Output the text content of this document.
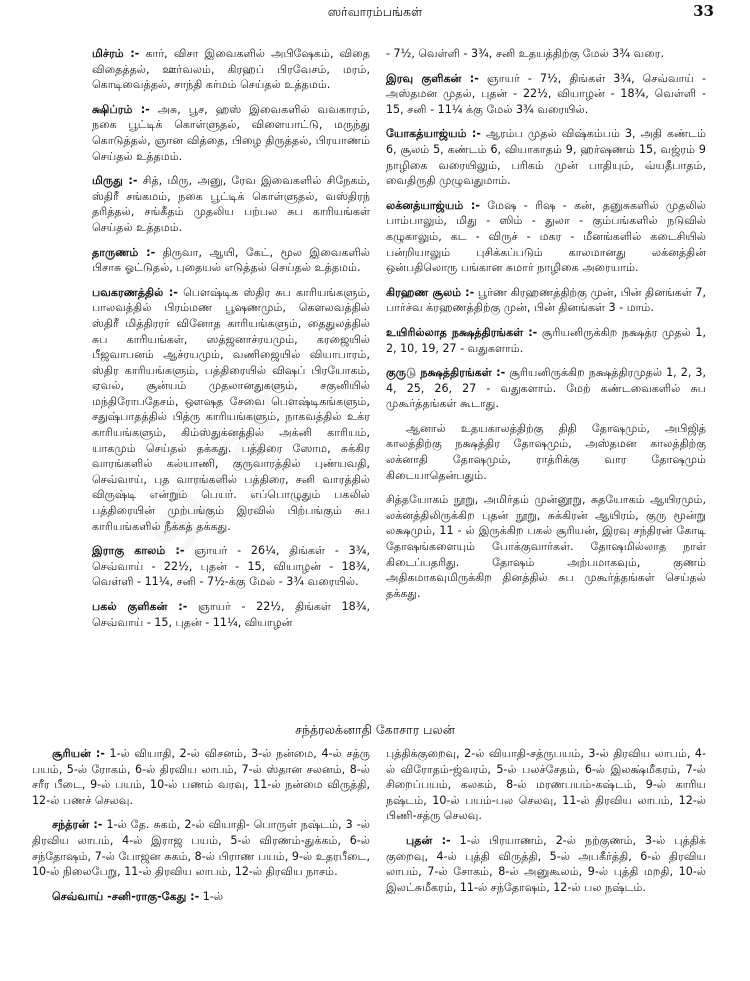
ஸர்வாரம்பங்கள்	33

மிச்ரம் :- கார், விசா இவைகளில் அபிஷேகம், விதை விதைத்தல், ஊர்வலம், கிரஹப் பிரவேசம், மரம், கொடிவைத்தல், சாந்தி கர்மம் செய்தல் உத்தமம்.

க்ஷிப்ரம் :- அசு, பூச, ஹஸ் இவைகளில் வவகாரம், நகை பூட்டிக் கொள்ளுதல், விளையாட்டு, மருந்து கொடுத்தல், ஞான வித்தை, பிழை திருத்தல், பிரயாணம் செய்தல் உத்தமம்.

மிருது :- சித், மிரு, அனு, ரேவ இவைகளில் சிநேகம், ஸ்திரீ சங்கமம், நகை பூட்டிக் கொள்ளுதல், வஸ்திரந் தரித்தல், சங்கீதம் முதலிய பற்பல சுப காரியங்கள் செய்தல் உத்தமம்.

தாருணம் :- திருவா, ஆயி, கேட், மூல இவைகளில் பிசாசு ஓட்டுதல், புதையல் எடுத்தல் செய்தல் உத்தமம்.

பவகரணத்தில் :- பௌஷ்டிக ஸ்திர சுப காரியங்களும், பாலவத்தில் பிரம்மண பூஷணமும், கௌலவத்தில் ஸ்திரீ மித்திரரர் வினோத காரியங்களும், தைதுலத்தில் சுப காரியங்கள், ஸத்ஜனாச்ரயமும், கரஜையில் பீஜவாபனம் ஆச்ரயமும், வணிஜையில் வியாபாரம், ஸ்திர காரியங்களும், பத்திரையில் விஷப் பிரயோகம், ஏவல், சூன்யம் முதலானதுகளும், சகுனியில் மந்திரோபதேசம், ஔஷத சேவை பௌஷ்டிகங்களும், சதுஷ்பாதத்தில் பித்ரு காரியங்களும், நாகவத்தில் உக்ர காரியங்களும், கிம்ஸ்துக்னத்தில் அக்னி காரியம், யாகமும் செய்தல் தக்கது. பத்திரை ஸோம, சுக்கிர வாரங்களில் கல்யாணி, குருவாரத்தில் புண்யவதி, செவ்வாய், புத வாரங்களில் பத்திரை, சனி வாரத்தில் விருஷ்டி என்றும் பெயர். எப்பொழுதும் பகலில் பத்திரையின் முற்பங்கும் இரவில் பிற்பங்கும் சுப காரியங்களில் நீக்கத் தக்கது.

இராகு காலம் :- ஞாயர் - 26¼, திங்கள் - 3¾, செவ்வாய் - 22½, புதன் - 15, வியாழன் - 18¾, வெள்ளி - 11¼, சனி - 7½-க்கு மேல் - 3¾ வரையில்.

பகல் குளிகன் :- ஞாயர் - 22½, திங்கள் 18¾, செவ்வாய் - 15, புதன் - 11¼, வியாழன்

- 7½, வெள்ளி - 3¾, சனி உதயத்திற்கு மேல் 3¾ வரை.

இரவு குளிகன் :- ஞாயர் - 7½, திங்கள் 3¾, செவ்வாய் - அஸ்தமன முதல், புதன் - 22½, வியாழன் - 18¾, வெள்ளி - 15, சனி - 11¼ க்கு மேல் 3¾ வரையில்.

யோகத்யாஜ்யம் :- ஆரம்ப முதல் விஷ்கம்பம் 3, அதி கண்டம் 6, சூலம் 5, கண்டம் 6, வியாகாதம் 9, ஹர்ஷணம் 15, வஜ்ரம் 9 நாழிகை வரையிலும், பரிகம் முன் பாதியும், வ்யதீபாதம், வைதிருதி முழுவதுமாம்.

லக்னத்யாஜ்யம் :- மேஷ - ரிஷ - கன், தனுசுகளில் முதலில் பாம்பாலும், மிது - ஸிம் - துலா - கும்பங்களில் நடுவில் கழுகாலும், கட - விருச் - மகர - மீனங்களில் கடைசியில் பன்றியாலும் புசிக்கப்படும் காலமானது லக்னத்தின் ஒன்பதிலொரு பங்கான சுமார் நாழிகை அரையாம்.

கிரஹண சூலம் :- பூர்ண கிரஹணத்திற்கு முன், பின் தினங்கள் 7, பார்ச்வ க்ரஹணத்திற்கு முன், பின் தினங்கள் 3 - மாம்.

உயிரில்லாத நக்ஷத்திரங்கள் :- சூரியனிருக்கிற நக்ஷத்ர முதல் 1, 2, 10, 19, 27 - வதுகளாம்.

குருடு நக்ஷத்திரங்கள் :- சூரியனிருக்கிற நக்ஷத்திரமுதல் 1, 2, 3, 4, 25, 26, 27 - வதுகளாம். மேற் கண்டவைகளில் சுப முகூர்த்தங்கள் கூடாது.

ஆனால் உதயகாலத்திற்கு திதி தோஷமும், அபிஜித் காலத்திற்கு நக்ஷத்திர தோஷமும், அஸ்தமன காலத்திற்கு லக்னாதி தோஷமும், ராத்ரிக்கு வார தோஷமும் கிடையாதென்பதும்.

சித்தயோகம் நூறு, அமிர்தம் முன்னூறு, சுதயோகம் ஆயிரமும், லக்னத்திலிருக்கிற புதன் நூறு, சுக்கிரன் ஆயிரம், குரு மூன்று லக்ஷமும், 11 - ல் இருக்கிற பகல் சூரியன், இரவு சந்திரன் கோடி தோஷங்களையும் போக்குவார்கள். தோஷமில்லாத நாள் கிடைப்பதரிது. தோஷம் அற்பமாகவும், குணம் அதிகமாகவுமிருக்கிற தினத்தில் சுப முகூர்த்தங்கள் செய்தல் தக்கது.

சந்த்ரலக்னாதி கோசார பலன்

சூரியன் :- 1-ல் வியாதி, 2-ல் விசனம், 3-ல் நன்மை, 4-ல் சத்ரு பயம், 5-ல் ரோகம், 6-ல் திரவிய லாபம், 7-ல் ஸ்தான சலனம், 8-ல் சரீர பீடை, 9-ல் பயம், 10-ல் பணம் வரவு, 11-ல் நன்மை விருத்தி, 12-ல் பணச் செலவு.

சந்த்ரன் :- 1-ல் தே. சுகம், 2-ல் வியாதி- பொருள் நஷ்டம், 3 -ல் திரவிய லாபம், 4-ல் இராஜ பயம், 5-ல் விரணம்-துக்கம், 6-ல் சந்தோஷம், 7-ல் போஜன சுகம், 8-ல் பிராண பயம், 9-ல் உதரபீடை, 10-ல் நிலைபேறு, 11-ல் திரவிய லாபம், 12-ல் திரவிய நாசம்.

செவ்வாய் -சனி-ராகு-கேது :- 1-ல்

புத்திக்குறைவு, 2-ல் வியாதி-சத்ருபயம், 3-ல் திரவிய லாபம், 4-ல் விரோதம்-ஜ்வரம், 5-ல் பலச்சேதம், 6-ல் இலக்ஷ்மீகரம், 7-ல் சிறைப்பயம், கலகம், 8-ல் மரணபயம்-கஷ்டம், 9-ல் காரிய நஷ்டம், 10-ல் பயம்-பல செலவு, 11-ல் திரவிய லாபம், 12-ல் பிணி-சத்ரு செலவு.

புதன் :- 1-ல் பிரயாணம், 2-ல் நற்குணம், 3-ல் புத்திக் குறைவு, 4-ல் புத்தி விருத்தி, 5-ல் அபகீர்த்தி, 6-ல் திரவிய லாபம், 7-ல் சோகம், 8-ல் அனுகூலம், 9-ல் புத்தி மறதி, 10-ல் இலட்சுமீகரம், 11-ல் சந்தோஷம், 12-ல் பல நஷ்டம்.
